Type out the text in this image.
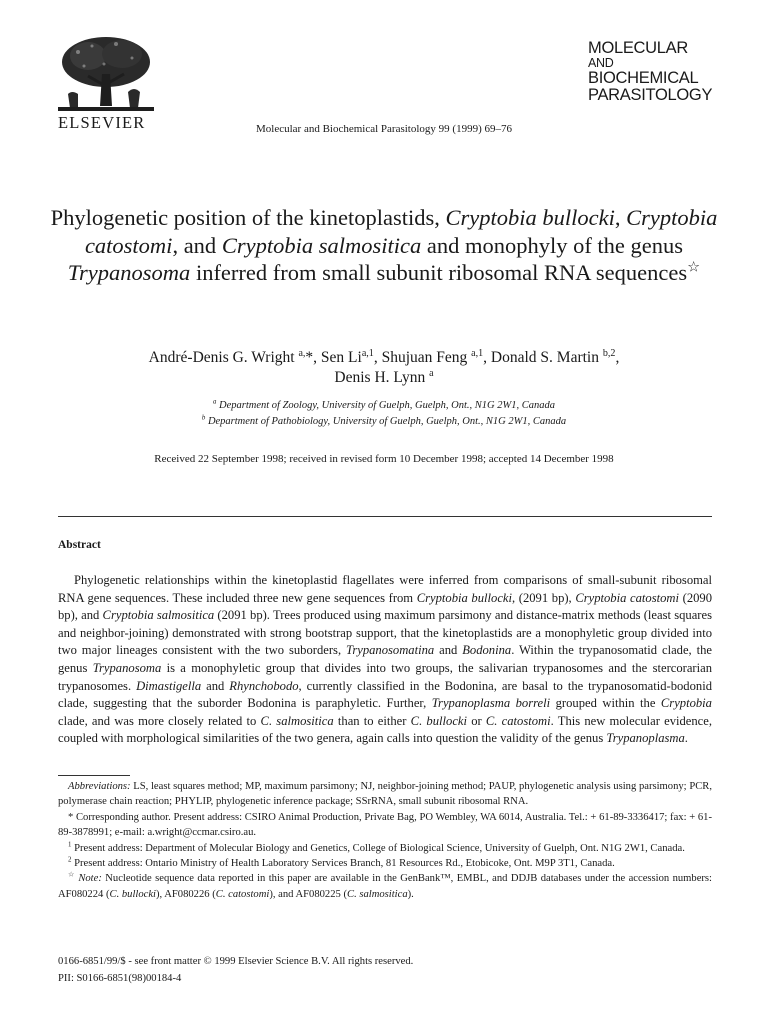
ELSEVIER	Molecular and Biochemical Parasitology 99 (1999) 69–76
MOLECULAR
AND
BIOCHEMICAL
PARASITOLOGY
Phylogenetic position of the kinetoplastids, Cryptobia bullocki, Cryptobia catostomi, and Cryptobia salmositica and monophyly of the genus Trypanosoma inferred from small subunit ribosomal RNA sequences☆
André-Denis G. Wright $^{a,}$*, Sen Li$^{a,1}$, Shujuan Feng $^{a,1}$, Donald S. Martin $^{b,2}$,
Denis H. Lynn $^a$
$^a$ Department of Zoology, University of Guelph, Guelph, Ont., N1G 2W1, Canada
$^b$ Department of Pathobiology, University of Guelph, Guelph, Ont., N1G 2W1, Canada
Received 22 September 1998; received in revised form 10 December 1998; accepted 14 December 1998
Abstract
Phylogenetic relationships within the kinetoplastid flagellates were inferred from comparisons of small-subunit ribosomal RNA gene sequences. These included three new gene sequences from Cryptobia bullocki, (2091 bp), Cryptobia catostomi (2090 bp), and Cryptobia salmositica (2091 bp). Trees produced using maximum parsimony and distance-matrix methods (least squares and neighbor-joining) demonstrated with strong bootstrap support, that the kinetoplastids are a monophyletic group divided into two major lineages consistent with the two suborders, Trypanosomatina and Bodonina. Within the trypanosomatid clade, the genus Trypanosoma is a monophyletic group that divides into two groups, the salivarian trypanosomes and the stercorarian trypanosomes. Dimastigella and Rhynchobodo, currently classified in the Bodonina, are basal to the trypanosomatid-bodonid clade, suggesting that the suborder Bodonina is paraphyletic. Further, Trypanoplasma borreli grouped within the Cryptobia clade, and was more closely related to C. salmositica than to either C. bullocki or C. catostomi. This new molecular evidence, coupled with morphological similarities of the two genera, again calls into question the validity of the genus Trypanoplasma.

Abbreviations: LS, least squares method; MP, maximum parsimony; NJ, neighbor-joining method; PAUP, phylogenetic analysis using parsimony; PCR, polymerase chain reaction; PHYLIP, phylogenetic inference package; SSrRNA, small subunit ribosomal RNA.

* Corresponding author. Present address: CSIRO Animal Production, Private Bag, PO Wembley, WA 6014, Australia. Tel.: + 61-89-3336417; fax: + 61-89-3878991; e-mail: a.wright@ccmar.csiro.au.

$^1$ Present address: Department of Molecular Biology and Genetics, College of Biological Science, University of Guelph, Ont. N1G 2W1, Canada.

$^2$ Present address: Ontario Ministry of Health Laboratory Services Branch, 81 Resources Rd., Etobicoke, Ont. M9P 3T1, Canada.

☆ Note: Nucleotide sequence data reported in this paper are available in the GenBank™, EMBL, and DDJB databases under the accession numbers: AF080224 (C. bullocki), AF080226 (C. catostomi), and AF080225 (C. salmositica).

0166-6851/99/$ - see front matter © 1999 Elsevier Science B.V. All rights reserved.
PII: S0166-6851(98)00184-4
